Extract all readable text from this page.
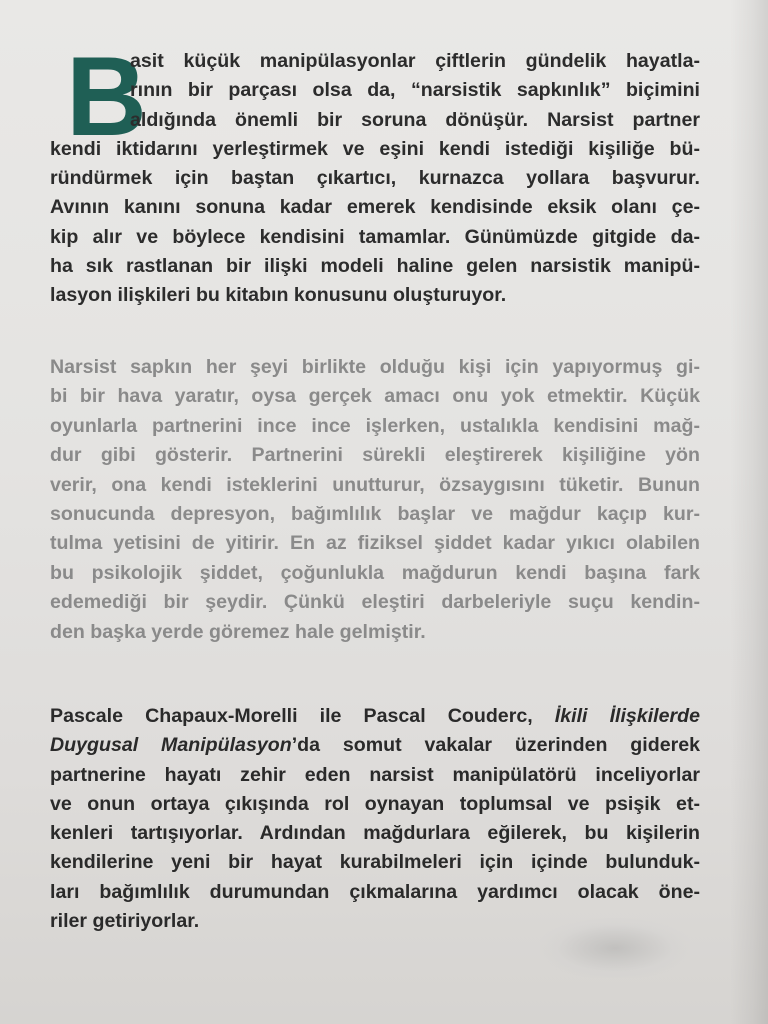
B
asit küçük manipülasyonlar çiftlerin gündelik hayatla-
rının bir parçası olsa da, “narsistik sapkınlık” biçimini
aldığında önemli bir soruna dönüşür. Narsist partner
kendi iktidarını yerleştirmek ve eşini kendi istediği kişiliğe bü-
ründürmek için baştan çıkartıcı, kurnazca yollara başvurur.
Avının kanını sonuna kadar emerek kendisinde eksik olanı çe-
kip alır ve böylece kendisini tamamlar. Günümüzde gitgide da-
ha sık rastlanan bir ilişki modeli haline gelen narsistik manipü-
lasyon ilişkileri bu kitabın konusunu oluşturuyor.
Narsist sapkın her şeyi birlikte olduğu kişi için yapıyormuş gi-
bi bir hava yaratır, oysa gerçek amacı onu yok etmektir. Küçük
oyunlarla partnerini ince ince işlerken, ustalıkla kendisini mağ-
dur gibi gösterir. Partnerini sürekli eleştirerek kişiliğine yön
verir, ona kendi isteklerini unutturur, özsaygısını tüketir. Bunun
sonucunda depresyon, bağımlılık başlar ve mağdur kaçıp kur-
tulma yetisini de yitirir. En az fiziksel şiddet kadar yıkıcı olabilen
bu psikolojik şiddet, çoğunlukla mağdurun kendi başına fark
edemediği bir şeydir. Çünkü eleştiri darbeleriyle suçu kendin-
den başka yerde göremez hale gelmiştir.
Pascale Chapaux-Morelli ile Pascal Couderc, İkili İlişkilerde
Duygusal Manipülasyon’da somut vakalar üzerinden giderek
partnerine hayatı zehir eden narsist manipülatörü inceliyorlar
ve onun ortaya çıkışında rol oynayan toplumsal ve psişik et-
kenleri tartışıyorlar. Ardından mağdurlara eğilerek, bu kişilerin
kendilerine yeni bir hayat kurabilmeleri için içinde bulunduk-
ları bağımlılık durumundan çıkmalarına yardımcı olacak öne-
riler getiriyorlar.
